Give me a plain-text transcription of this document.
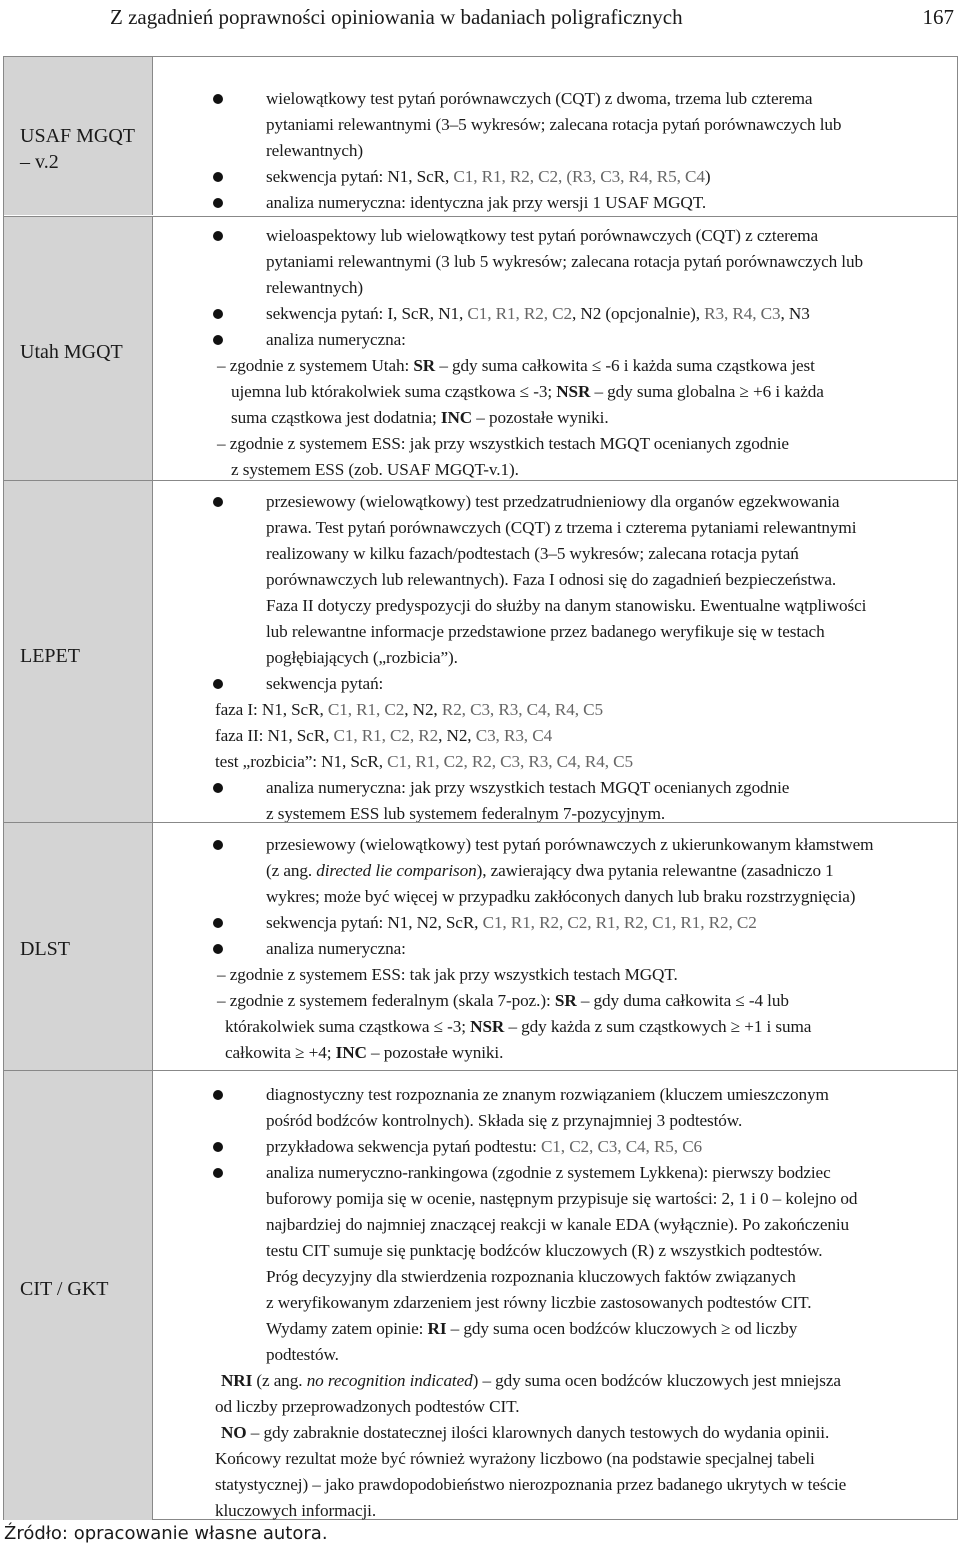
Z zagadnień poprawności opiniowania w badaniach poligraficznych	167
USAF MGQT
– v.2
wielowątkowy test pytań porównawczych (CQT) z dwoma, trzema lub czterema
pytaniami relewantnymi (3–5 wykresów; zalecana rotacja pytań porównawczych lub
relewantnych)
sekwencja pytań: N1, ScR, C1, R1, R2, C2, (R3, C3, R4, R5, C4)
analiza numeryczna: identyczna jak przy wersji 1 USAF MGQT.
Utah MGQT
wieloaspektowy lub wielowątkowy test pytań porównawczych (CQT) z czterema
pytaniami relewantnymi (3 lub 5 wykresów; zalecana rotacja pytań porównawczych lub
relewantnych)
sekwencja pytań: I, ScR, N1, C1, R1, R2, C2, N2 (opcjonalnie), R3, R4, C3, N3
analiza numeryczna:
– zgodnie z systemem Utah: SR – gdy suma całkowita ≤ -6 i każda suma cząstkowa jest
ujemna lub którakolwiek suma cząstkowa ≤ -3; NSR – gdy suma globalna ≥ +6 i każda
suma cząstkowa jest dodatnia; INC – pozostałe wyniki.
– zgodnie z systemem ESS: jak przy wszystkich testach MGQT ocenianych zgodnie
z systemem ESS (zob. USAF MGQT-v.1).
LEPET
przesiewowy (wielowątkowy) test przedzatrudnieniowy dla organów egzekwowania
prawa. Test pytań porównawczych (CQT) z trzema i czterema pytaniami relewantnymi
realizowany w kilku fazach/podtestach (3–5 wykresów; zalecana rotacja pytań
porównawczych lub relewantnych). Faza I odnosi się do zagadnień bezpieczeństwa.
Faza II dotyczy predyspozycji do służby na danym stanowisku. Ewentualne wątpliwości
lub relewantne informacje przedstawione przez badanego weryfikuje się w testach
pogłębiających („rozbicia”).
sekwencja pytań:
faza I: N1, ScR, C1, R1, C2, N2, R2, C3, R3, C4, R4, C5
faza II: N1, ScR, C1, R1, C2, R2, N2, C3, R3, C4
test „rozbicia”: N1, ScR, C1, R1, C2, R2, C3, R3, C4, R4, C5
analiza numeryczna: jak przy wszystkich testach MGQT ocenianych zgodnie
z systemem ESS lub systemem federalnym 7-pozycyjnym.
DLST
przesiewowy (wielowątkowy) test pytań porównawczych z ukierunkowanym kłamstwem
(z ang. directed lie comparison), zawierający dwa pytania relewantne (zasadniczo 1
wykres; może być więcej w przypadku zakłóconych danych lub braku rozstrzygnięcia)
sekwencja pytań: N1, N2, ScR, C1, R1, R2, C2, R1, R2, C1, R1, R2, C2
analiza numeryczna:
– zgodnie z systemem ESS: tak jak przy wszystkich testach MGQT.
– zgodnie z systemem federalnym (skala 7-poz.): SR – gdy duma całkowita ≤ -4 lub
którakolwiek suma cząstkowa ≤ -3; NSR – gdy każda z sum cząstkowych ≥ +1 i suma
całkowita ≥ +4; INC – pozostałe wyniki.
CIT / GKT
diagnostyczny test rozpoznania ze znanym rozwiązaniem (kluczem umieszczonym
pośród bodźców kontrolnych). Składa się z przynajmniej 3 podtestów.
przykładowa sekwencja pytań podtestu: C1, C2, C3, C4, R5, C6
analiza numeryczno-rankingowa (zgodnie z systemem Lykkena): pierwszy bodziec
buforowy pomija się w ocenie, następnym przypisuje się wartości: 2, 1 i 0 – kolejno od
najbardziej do najmniej znaczącej reakcji w kanale EDA (wyłącznie). Po zakończeniu
testu CIT sumuje się punktację bodźców kluczowych (R) z wszystkich podtestów.
Próg decyzyjny dla stwierdzenia rozpoznania kluczowych faktów związanych
z weryfikowanym zdarzeniem jest równy liczbie zastosowanych podtestów CIT.
Wydamy zatem opinie: RI – gdy suma ocen bodźców kluczowych ≥ od liczby
podtestów.
NRI (z ang. no recognition indicated) – gdy suma ocen bodźców kluczowych jest mniejsza
od liczby przeprowadzonych podtestów CIT.
NO – gdy zabraknie dostatecznej ilości klarownych danych testowych do wydania opinii.
Końcowy rezultat może być również wyrażony liczbowo (na podstawie specjalnej tabeli
statystycznej) – jako prawdopodobieństwo nierozpoznania przez badanego ukrytych w teście
kluczowych informacji.
Źródło: opracowanie własne autora.
